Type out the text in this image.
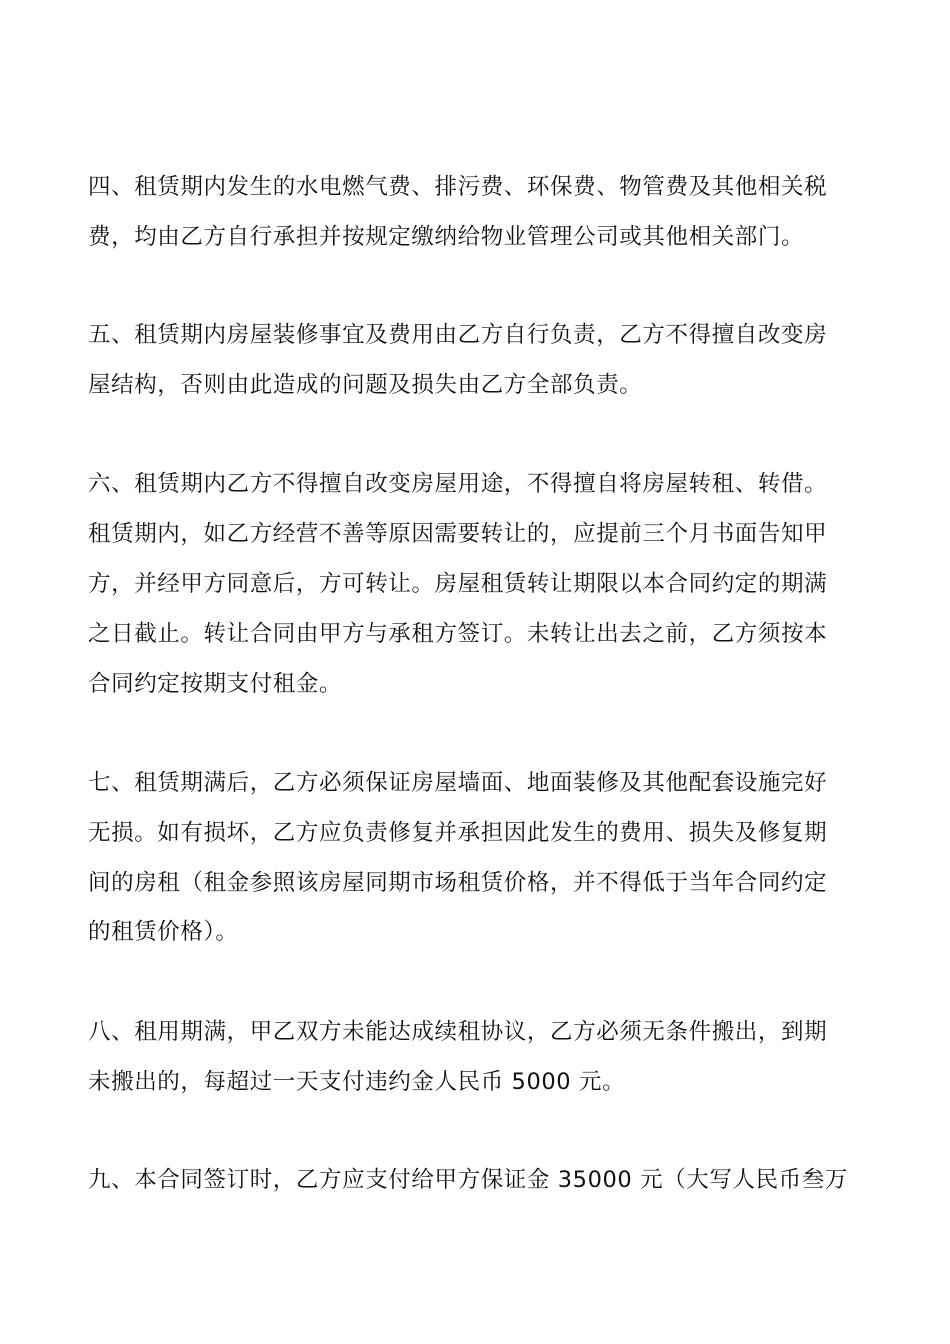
四、租赁期内发生的水电燃气费、排污费、环保费、物管费及其他相关税
费，均由乙方自行承担并按规定缴纳给物业管理公司或其他相关部门。
五、租赁期内房屋装修事宜及费用由乙方自行负责，乙方不得擅自改变房
屋结构，否则由此造成的问题及损失由乙方全部负责。
六、租赁期内乙方不得擅自改变房屋用途，不得擅自将房屋转租、转借。
租赁期内，如乙方经营不善等原因需要转让的，应提前三个月书面告知甲
方，并经甲方同意后，方可转让。房屋租赁转让期限以本合同约定的期满
之日截止。转让合同由甲方与承租方签订。未转让出去之前，乙方须按本
合同约定按期支付租金。
七、租赁期满后，乙方必须保证房屋墙面、地面装修及其他配套设施完好
无损。如有损坏，乙方应负责修复并承担因此发生的费用、损失及修复期
间的房租（租金参照该房屋同期市场租赁价格，并不得低于当年合同约定
的租赁价格）。
八、租用期满，甲乙双方未能达成续租协议，乙方必须无条件搬出，到期
未搬出的，每超过一天支付违约金人民币 5000 元。
九、本合同签订时，乙方应支付给甲方保证金 35000 元（大写人民币叁万
